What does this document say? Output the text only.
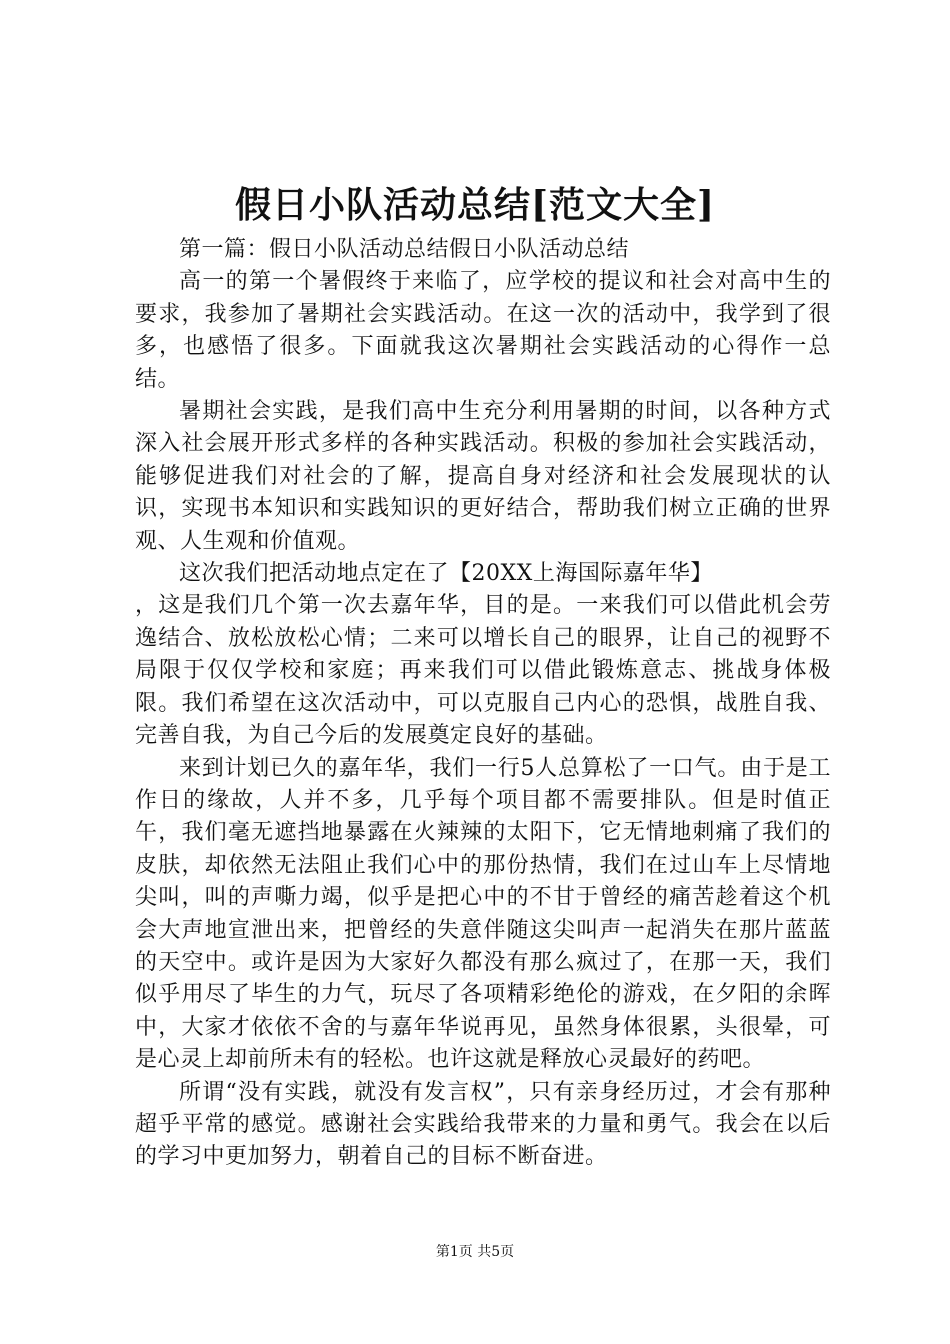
假日小队活动总结[范文大全]

第一篇：假日小队活动总结假日小队活动总结

高一的第一个暑假终于来临了，应学校的提议和社会对高中生的要求，我参加了暑期社会实践活动。在这一次的活动中，我学到了很多，也感悟了很多。下面就我这次暑期社会实践活动的心得作一总结。

暑期社会实践，是我们高中生充分利用暑期的时间，以各种方式深入社会展开形式多样的各种实践活动。积极的参加社会实践活动，能够促进我们对社会的了解，提高自身对经济和社会发展现状的认识，实现书本知识和实践知识的更好结合，帮助我们树立正确的世界观、人生观和价值观。

这次我们把活动地点定在了【20XX上海国际嘉年华】

，这是我们几个第一次去嘉年华，目的是。一来我们可以借此机会劳逸结合、放松放松心情；二来可以增长自己的眼界，让自己的视野不局限于仅仅学校和家庭；再来我们可以借此锻炼意志、挑战身体极限。我们希望在这次活动中，可以克服自己内心的恐惧，战胜自我、完善自我，为自己今后的发展奠定良好的基础。

来到计划已久的嘉年华，我们一行5人总算松了一口气。由于是工作日的缘故，人并不多，几乎每个项目都不需要排队。但是时值正午，我们毫无遮挡地暴露在火辣辣的太阳下，它无情地刺痛了我们的皮肤，却依然无法阻止我们心中的那份热情，我们在过山车上尽情地尖叫，叫的声嘶力竭，似乎是把心中的不甘于曾经的痛苦趁着这个机会大声地宣泄出来，把曾经的失意伴随这尖叫声一起消失在那片蓝蓝的天空中。或许是因为大家好久都没有那么疯过了，在那一天，我们似乎用尽了毕生的力气，玩尽了各项精彩绝伦的游戏，在夕阳的余晖中，大家才依依不舍的与嘉年华说再见，虽然身体很累，头很晕，可是心灵上却前所未有的轻松。也许这就是释放心灵最好的药吧。

所谓“没有实践，就没有发言权”，只有亲身经历过，才会有那种超乎平常的感觉。感谢社会实践给我带来的力量和勇气。我会在以后的学习中更加努力，朝着自己的目标不断奋进。

第1页 共5页
